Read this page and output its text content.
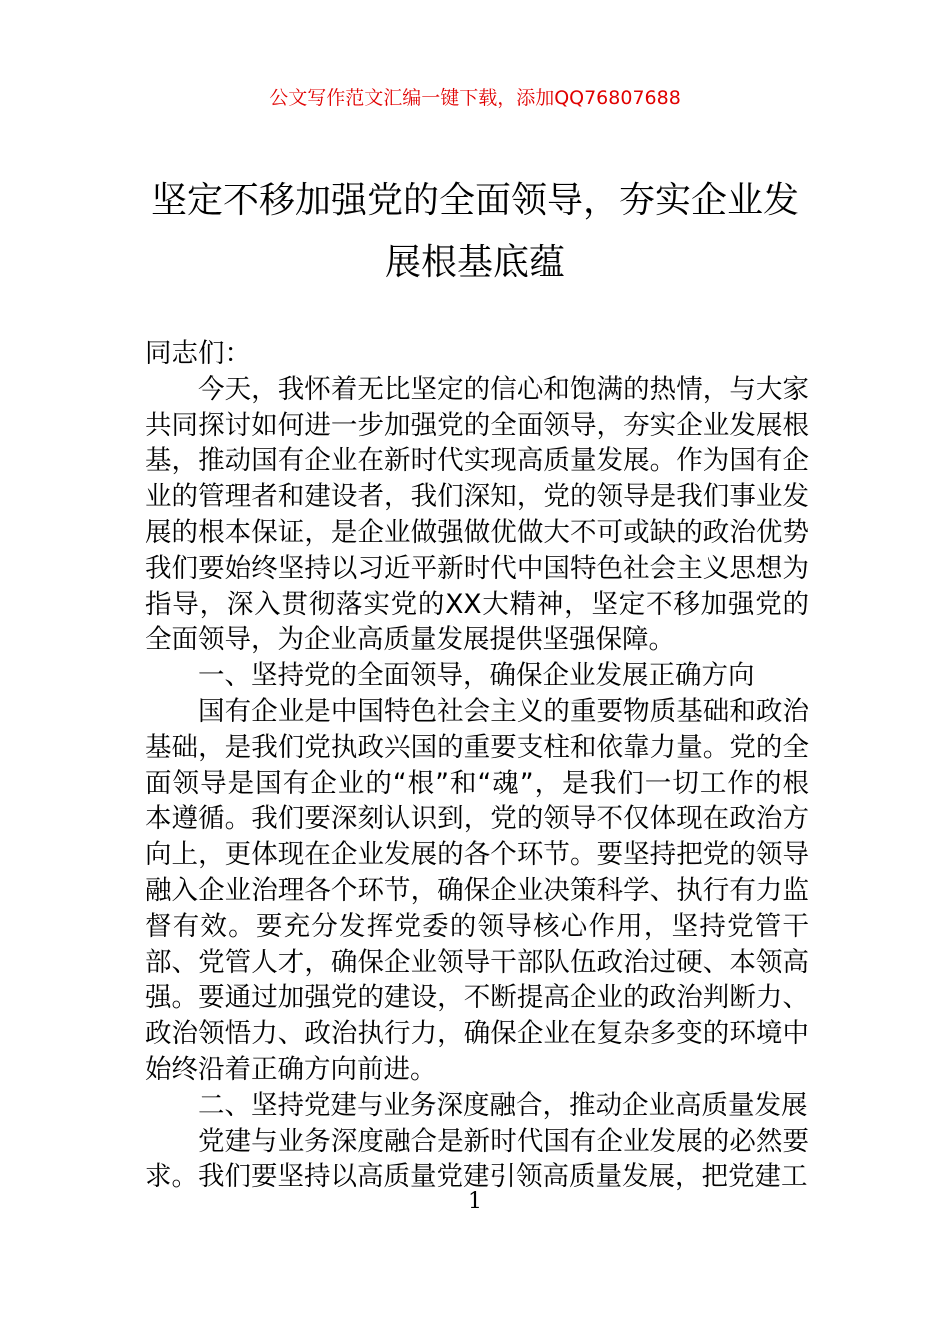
公文写作范文汇编一键下载，添加QQ76807688
坚定不移加强党的全面领导，夯实企业发展根基底蕴

同志们：

今天，我怀着无比坚定的信心和饱满的热情，与大家共同探讨如何进一步加强党的全面领导，夯实企业发展根基，推动国有企业在新时代实现高质量发展。作为国有企业的管理者和建设者，我们深知，党的领导是我们事业发展的根本保证，是企业做强做优做大不可或缺的政治优势我们要始终坚持以习近平新时代中国特色社会主义思想为指导，深入贯彻落实党的XX大精神，坚定不移加强党的全面领导，为企业高质量发展提供坚强保障。

一、坚持党的全面领导，确保企业发展正确方向

国有企业是中国特色社会主义的重要物质基础和政治基础，是我们党执政兴国的重要支柱和依靠力量。党的全面领导是国有企业的“根”和“魂”，是我们一切工作的根本遵循。我们要深刻认识到，党的领导不仅体现在政治方向上，更体现在企业发展的各个环节。要坚持把党的领导融入企业治理各个环节，确保企业决策科学、执行有力监督有效。要充分发挥党委的领导核心作用，坚持党管干部、党管人才，确保企业领导干部队伍政治过硬、本领高强。要通过加强党的建设，不断提高企业的政治判断力、政治领悟力、政治执行力，确保企业在复杂多变的环境中始终沿着正确方向前进。

二、坚持党建与业务深度融合，推动企业高质量发展

党建与业务深度融合是新时代国有企业发展的必然要求。我们要坚持以高质量党建引领高质量发展，把党建工

1
